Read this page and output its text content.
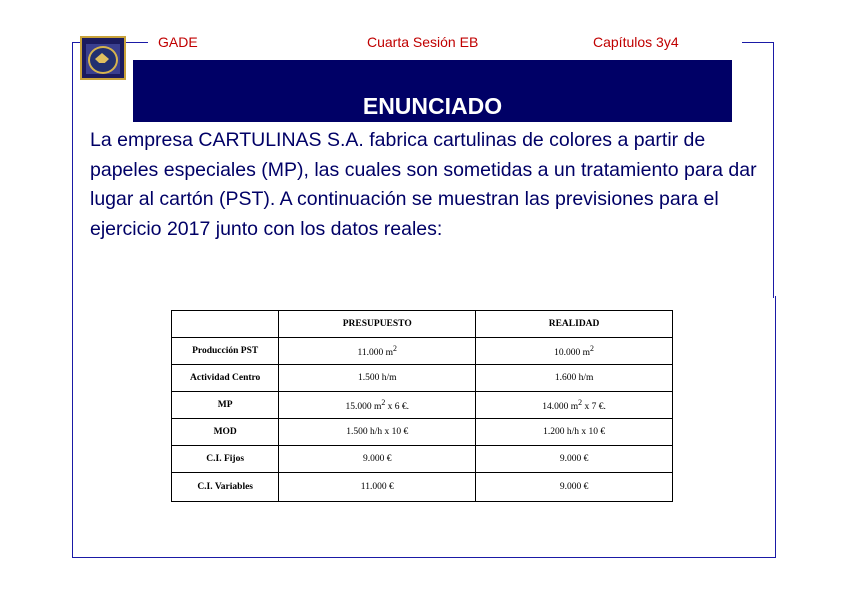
GADE	Cuarta Sesión EB	Capítulos 3y4
ENUNCIADO
La empresa CARTULINAS S.A. fabrica cartulinas de colores a partir de papeles especiales (MP), las cuales son sometidas a un tratamiento para dar lugar al cartón (PST). A continuación se muestran las previsiones para el ejercicio 2017 junto con los datos reales:
	PRESUPUESTO	REALIDAD
Producción PST	11.000 $m^2$	10.000 $m^2$
Actividad Centro	1.500 h/m	1.600 h/m
MP	15.000 $m^2$ x 6 €.	14.000 $m^2$ x 7 €.
MOD	1.500 h/h x 10 €	1.200 h/h x 10 €
C.I. Fijos	9.000 €	9.000 €
C.I. Variables	11.000 €	9.000 €
